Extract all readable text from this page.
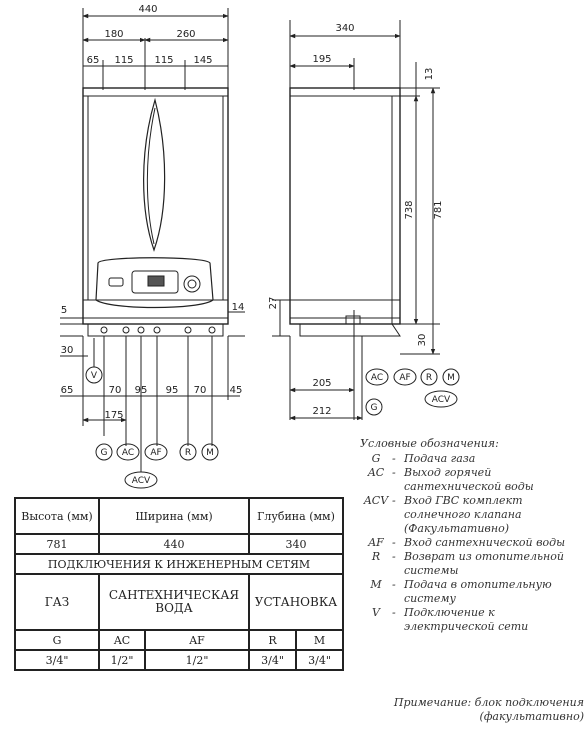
440
180	260
65 115 115 145
5
30
14
65	70 95 95 70 45
175
V
G AC AF	R M
ACV
340
195
13
738 781
27
30
205
212
AC AF R M
ACV
G
Высота (мм)	Ширина (мм)		Глубина (мм)	
781	440		340	
ПОДКЛЮЧЕНИЯ К ИНЖЕНЕРНЫМ СЕТЯМ				
ГАЗ	САНТЕХНИЧЕСКАЯ ВОДА		УСТАНОВКА	
G	AC	AF	R	M
3/4"	1/2"	1/2"	3/4"	3/4"
Условные обозначения:
G	- Подача газа
AC - Выход горячей сантехнической воды
ACV - Вход ГВС комплект солнечного клапана (Факультативно)
AF - Вход сантехнической воды
R	- Возврат из отопительной системы
M - Подача в отопительную систему
V	- Подключение к электрической сети
Примечание: блок подключения (факультативно)
